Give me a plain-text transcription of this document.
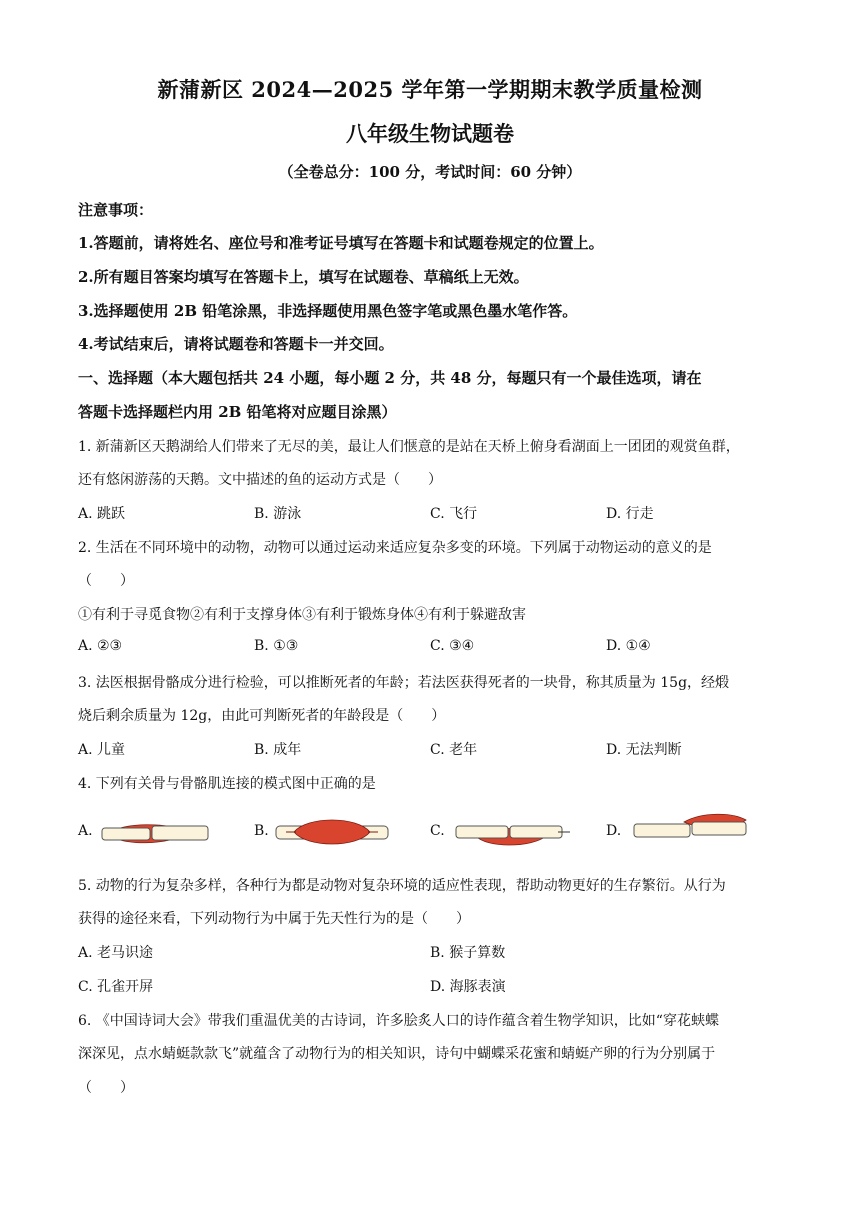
新蒲新区 2024—2025 学年第一学期期末教学质量检测
八年级生物试题卷
（全卷总分：100 分，考试时间：60 分钟）
注意事项：
1.答题前，请将姓名、座位号和准考证号填写在答题卡和试题卷规定的位置上。
2.所有题目答案均填写在答题卡上，填写在试题卷、草稿纸上无效。
3.选择题使用 2B 铅笔涂黑，非选择题使用黑色签字笔或黑色墨水笔作答。
4.考试结束后，请将试题卷和答题卡一并交回。
一、选择题（本大题包括共 24 小题，每小题 2 分，共 48 分，每题只有一个最佳选项，请在
答题卡选择题栏内用 2B 铅笔将对应题目涂黑）
1. 新蒲新区天鹅湖给人们带来了无尽的美，最让人们惬意的是站在天桥上俯身看湖面上一团团的观赏鱼群，
还有悠闲游荡的天鹅。文中描述的鱼的运动方式是（　　）
A. 跳跃	B. 游泳	C. 飞行	D. 行走
2. 生活在不同环境中的动物，动物可以通过运动来适应复杂多变的环境。下列属于动物运动的意义的是
（　　）
①有利于寻觅食物②有利于支撑身体③有利于锻炼身体④有利于躲避敌害
A. ②③	B. ①③	C. ③④	D. ①④
3. 法医根据骨骼成分进行检验，可以推断死者的年龄；若法医获得死者的一块骨，称其质量为 15g，经煅
烧后剩余质量为 12g，由此可判断死者的年龄段是（　　）
A. 儿童	B. 成年	C. 老年	D. 无法判断
4. 下列有关骨与骨骼肌连接的模式图中正确的是
A.	B.	C.	D.
5. 动物的行为复杂多样，各种行为都是动物对复杂环境的适应性表现，帮助动物更好的生存繁衍。从行为
获得的途径来看，下列动物行为中属于先天性行为的是（　　）
A. 老马识途	B. 猴子算数
C. 孔雀开屏	D. 海豚表演
6. 《中国诗词大会》带我们重温优美的古诗词，许多脍炙人口的诗作蕴含着生物学知识，比如“穿花蛱蝶
深深见，点水蜻蜓款款飞”就蕴含了动物行为的相关知识，诗句中蝴蝶采花蜜和蜻蜓产卵的行为分别属于
（　　）
